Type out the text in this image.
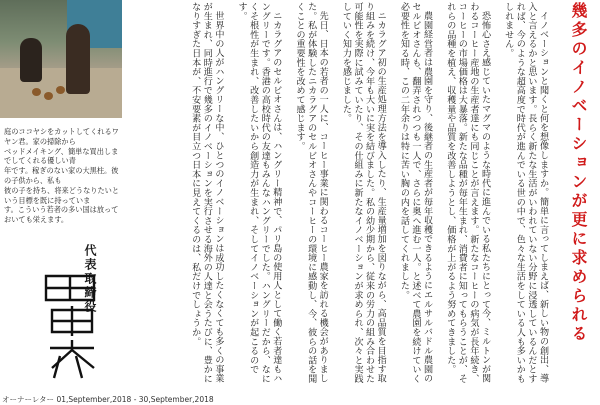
庭のココヤシをカットしてくれるワヤン君。家の掃除から
ベッドメイキング、簡単な買出しまでしてくれる優しい青
年です。稼ぎのない家の大黒柱。彼の子供から、私も
彼の子を持ち、将来どうなりたいという目標を既に持っていま
す。こういう若者の多い国は放っておいても栄えます。
代表取締役	イノベーションと聞くと何を想像しますか。簡単に言ってしまえば、新しい物の創出、導入と言えるかと思います。長らく新たな生活がいわれていない分野に浸透しているんだとすれば、今のような超高度で時代が進んでいる世の中で、色々な生活をしている人も多いかもしれません。

恐怖心さえ感じていたマグマのような時代に進んでいる私たちにとって今、ミルトンが関わるコーヒー産地の生産者達にも同じことが言えます。新たなコーヒーの病気が長年続き、コーヒーの市場価格は大暴落。新たな品種が毎年生まれ、消費者に知ってもらうことが、それらの品種を植え、収穫量や品質を改善しようとし、価格が上がるよう努めてきました。

農園経営者は農園を守り、後継者の生産者が毎年収穫できるようにエルサルバドル農園のセルビオさんも、翻弄されつつも一人で、さらに奥へ進む一人。と述べて農園を続けていく必要性を知る時、この二年余りは特に苦い胸の内を話してくれました。

ニカラグア初の生産処理方法を導入したり、生産量増加を図りながら、高品質を目指す取り組みを続け、今年も大いに実を結びました。私の幼少期から、従来の労力の組み合わせた可能性を実際に試みていたり、その仕組みに新たなイノベーションが求められ、次々と実践していく知力を感じました。

先日、日本の若者の一人に、コーヒー事業に関わるコーヒー農家を訪れる機会がありました。私が体験したニカラグアのセルビオさんやコーヒーの環境に感動し、今、彼らの話を聞くことの重要性を改めて感じます。

ニカラグアのセルビオさんは、ハングリー精神で、パリ島の使用人として働く若者達もハングリーです。香港の高校時代の友達もみんなハングリーでした。ハングリーだから、なにくそ根性が生まれ、改善したいから創造力が生まれ、そしてイノベーションが起こるのです。

世界中の人がハングリーな中、ひとつのイノベーションは成功したくなくても多くの事業が生まれ、同時進行で幾多のイノベーションを実行させる海外の人達と会うたびに、豊かになりすぎた日本が、不安要素が目立つ日本に見えてくるのは、私だけでしょうか。	幾多のイノベーションが更に求められる
オーナーレター 01,September,2018 - 30,September,2018
